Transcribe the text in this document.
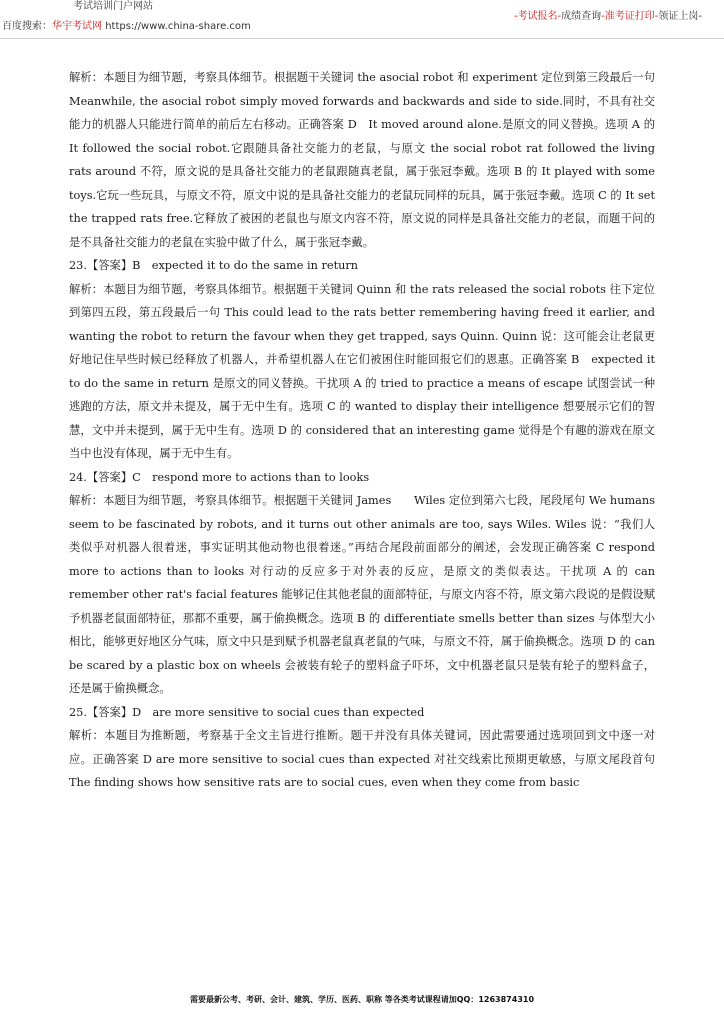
考试培训门户网站
百度搜索：华宇考试网 https://www.china-share.com
-考试报名-成绩查询-准考证打印-领证上岗-

解析：本题目为细节题，考察具体细节。根据题干关键词 the asocial robot 和 experiment 定位到第三段最后一句 Meanwhile, the asocial robot simply moved forwards and backwards and side to side.同时，不具有社交能力的机器人只能进行简单的前后左右移动。正确答案 D　It moved around alone.是原文的同义替换。选项 A 的 It followed the social robot.它跟随具备社交能力的老鼠，与原文 the social robot rat followed the living rats around 不符，原文说的是具备社交能力的老鼠跟随真老鼠，属于张冠李戴。选项 B 的 It played with some toys.它玩一些玩具，与原文不符，原文中说的是具备社交能力的老鼠玩同样的玩具，属于张冠李戴。选项 C 的 It set the trapped rats free.它释放了被困的老鼠也与原文内容不符，原文说的同样是具备社交能力的老鼠，而题干问的是不具备社交能力的老鼠在实验中做了什么，属于张冠李戴。

23.【答案】B　expected it to do the same in return

解析：本题目为细节题，考察具体细节。根据题干关键词 Quinn 和 the rats released the social robots 往下定位到第四五段，第五段最后一句 This could lead to the rats better remembering having freed it earlier, and wanting the robot to return the favour when they get trapped, says Quinn. Quinn 说：这可能会让老鼠更好地记住早些时候已经释放了机器人，并希望机器人在它们被困住时能回报它们的恩惠。正确答案 B　expected it to do the same in return 是原文的同义替换。干扰项 A 的 tried to practice a means of escape 试图尝试一种逃跑的方法，原文并未提及，属于无中生有。选项 C 的 wanted to display their intelligence 想要展示它们的智慧，文中并未提到，属于无中生有。选项 D 的 considered that an interesting game 觉得是个有趣的游戏在原文当中也没有体现，属于无中生有。

24.【答案】C　respond more to actions than to looks

解析：本题目为细节题，考察具体细节。根据题干关键词 James　　Wiles 定位到第六七段，尾段尾句 We humans seem to be fascinated by robots, and it turns out other animals are too, says Wiles. Wiles 说：“我们人类似乎对机器人很着迷，事实证明其他动物也很着迷。”再结合尾段前面部分的阐述，会发现正确答案 C respond more to actions than to looks 对行动的反应多于对外表的反应，是原文的类似表达。干扰项 A 的 can remember other rat's facial features 能够记住其他老鼠的面部特征，与原文内容不符，原文第六段说的是假设赋予机器老鼠面部特征，那都不重要，属于偷换概念。选项 B 的 differentiate smells better than sizes 与体型大小相比，能够更好地区分气味，原文中只是到赋予机器老鼠真老鼠的气味，与原文不符，属于偷换概念。选项 D 的 can be scared by a plastic box on wheels 会被装有轮子的塑料盒子吓坏，文中机器老鼠只是装有轮子的塑料盒子，还是属于偷换概念。

25.【答案】D　are more sensitive to social cues than expected

解析：本题目为推断题，考察基于全文主旨进行推断。题干并没有具体关键词，因此需要通过选项回到文中逐一对应。正确答案 D are more sensitive to social cues than expected 对社交线索比预期更敏感，与原文尾段首句 The finding shows how sensitive rats are to social cues, even when they come from basic

需要最新公考、考研、会计、建筑、学历、医药、职称 等各类考试课程请加QQ：1263874310
